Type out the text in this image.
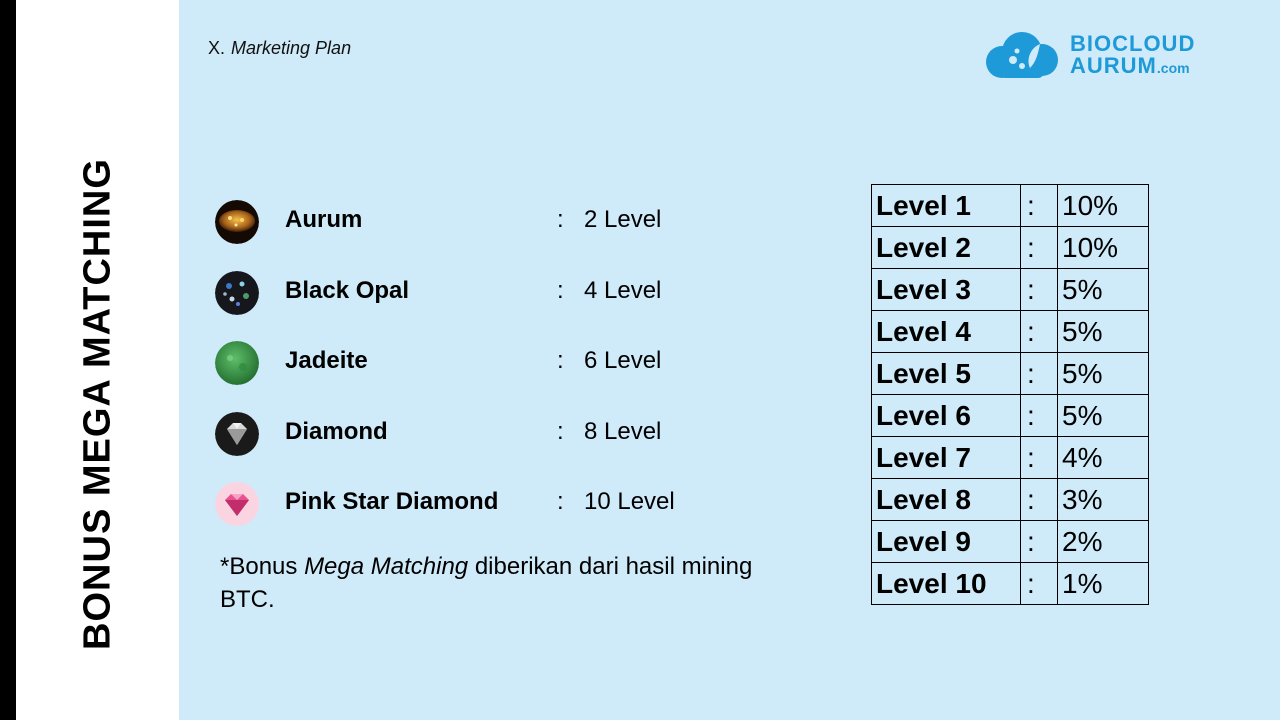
BONUS MEGA MATCHING
X. Marketing Plan	BIOCLOUD
AURUM.com
Aurum	: 2 Level
Black Opal	: 4 Level
Jadeite	: 6 Level
Diamond	: 8 Level
Pink Star Diamond : 10 Level
*Bonus Mega Matching diberikan dari hasil mining BTC.
Level 1	:	10%
Level 2	:	10%
Level 3	:	5%
Level 4	:	5%
Level 5	:	5%
Level 6	:	5%
Level 7	:	4%
Level 8	:	3%
Level 9	:	2%
Level 10	:	1%
